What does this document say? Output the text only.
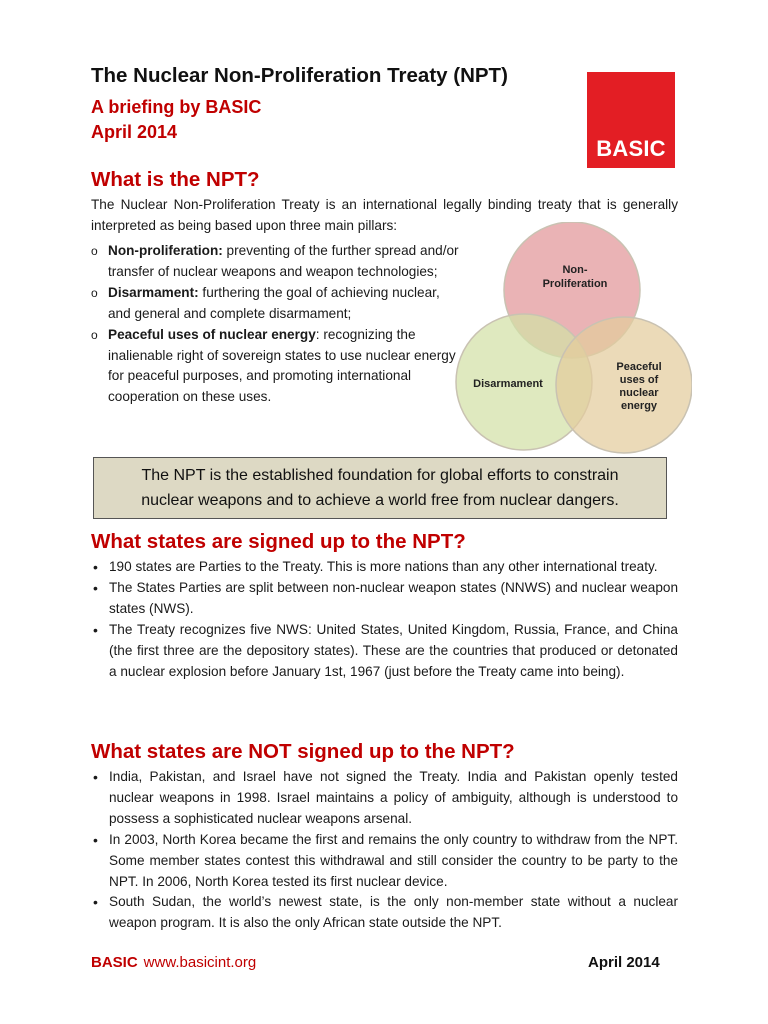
The Nuclear Non-Proliferation Treaty (NPT)
A briefing by BASIC
April 2014
BASIC
What is the NPT?

The Nuclear Non-Proliferation Treaty is an international legally binding treaty that is generally interpreted as being based upon three main pillars:

o Non-proliferation: preventing of the further spread and/or transfer of nuclear weapons and weapon technologies;
o Disarmament: furthering the goal of achieving nuclear, and general and complete disarmament;
o Peaceful uses of nuclear energy: recognizing the inalienable right of sovereign states to use nuclear energy for peaceful purposes, and promoting international cooperation on these uses.
Non-
Proliferation
Disarmament
Peaceful
uses of
nuclear
energy
The NPT is the established foundation for global efforts to constrain
nuclear weapons and to achieve a world free from nuclear dangers.
What states are signed up to the NPT?
• 190 states are Parties to the Treaty. This is more nations than any other international treaty.
• The States Parties are split between non-nuclear weapon states (NNWS) and nuclear weapon states (NWS).
• The Treaty recognizes five NWS: United States, United Kingdom, Russia, France, and China (the first three are the depository states). These are the countries that produced or detonated a nuclear explosion before January 1st, 1967 (just before the Treaty came into being).
What states are NOT signed up to the NPT?
• India, Pakistan, and Israel have not signed the Treaty. India and Pakistan openly tested nuclear weapons in 1998. Israel maintains a policy of ambiguity, although is understood to possess a sophisticated nuclear weapons arsenal.
• In 2003, North Korea became the first and remains the only country to withdraw from the NPT. Some member states contest this withdrawal and still consider the country to be party to the NPT. In 2006, North Korea tested its first nuclear device.
• South Sudan, the world’s newest state, is the only non-member state without a nuclear weapon program. It is also the only African state outside the NPT.
BASIC www.basicint.org	April 2014
